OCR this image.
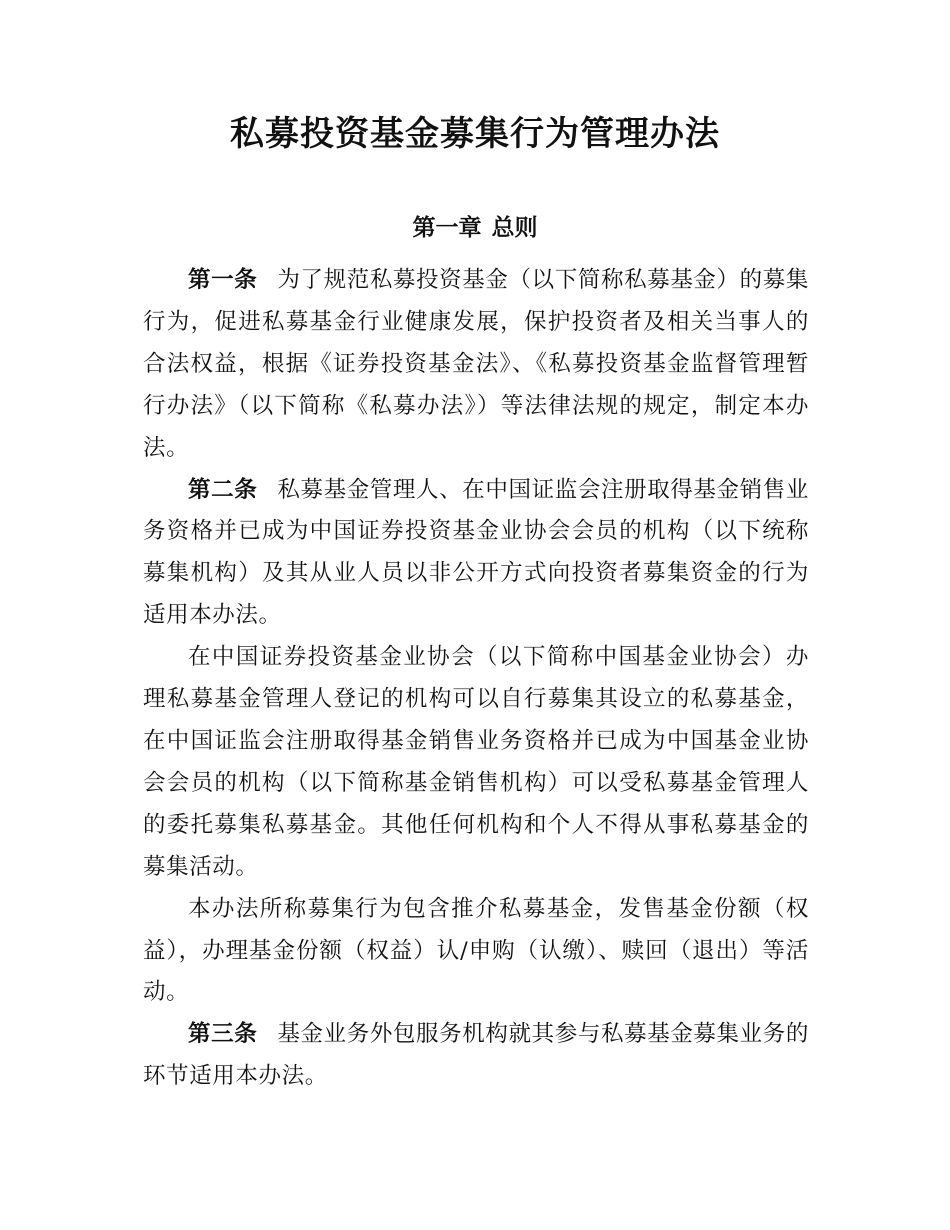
私募投资基金募集行为管理办法
第一章 总则

第一条 为了规范私募投资基金（以下简称私募基金）的募集行为，促进私募基金行业健康发展，保护投资者及相关当事人的合法权益，根据《证券投资基金法》、《私募投资基金监督管理暂行办法》（以下简称《私募办法》）等法律法规的规定，制定本办法。

第二条 私募基金管理人、在中国证监会注册取得基金销售业务资格并已成为中国证券投资基金业协会会员的机构（以下统称募集机构）及其从业人员以非公开方式向投资者募集资金的行为适用本办法。

在中国证券投资基金业协会（以下简称中国基金业协会）办理私募基金管理人登记的机构可以自行募集其设立的私募基金，在中国证监会注册取得基金销售业务资格并已成为中国基金业协会会员的机构（以下简称基金销售机构）可以受私募基金管理人的委托募集私募基金。其他任何机构和个人不得从事私募基金的募集活动。

本办法所称募集行为包含推介私募基金，发售基金份额（权益），办理基金份额（权益）认/申购（认缴）、赎回（退出）等活动。

第三条 基金业务外包服务机构就其参与私募基金募集业务的环节适用本办法。
